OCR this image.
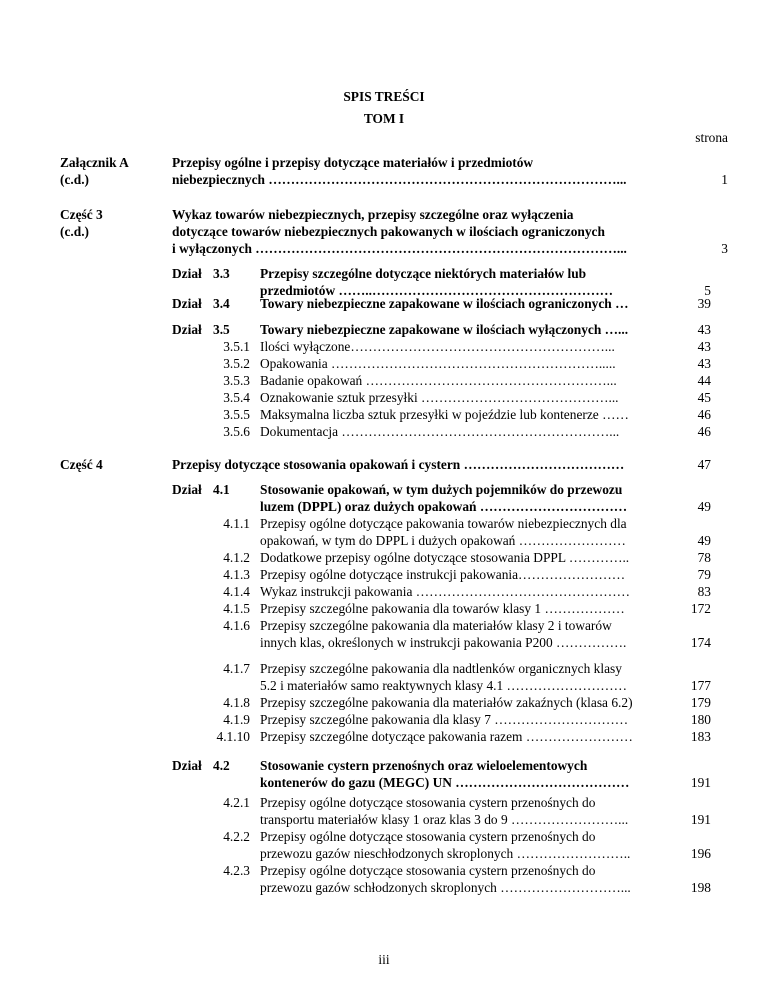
SPIS TREŚCI
TOM I
strona
Załącznik A
(c.d.)
Przepisy ogólne i przepisy dotyczące materiałów i przedmiotów
niebezpiecznych ……………………………………………………………………...	1
Część 3
(c.d.)
Wykaz towarów niebezpiecznych, przepisy szczególne oraz wyłączenia
dotyczące towarów niebezpiecznych pakowanych w ilościach ograniczonych
i wyłączonych ………………………………………………………………………...	3
Dział 3.3 Przepisy szczególne dotyczące niektórych materiałów lub
przedmiotów ……..………………………………………………	5
Dział 3.4 Towary niebezpieczne zapakowane w ilościach ograniczonych …	39
Dział 3.5 Towary niebezpieczne zapakowane w ilościach wyłączonych …...	43
3.5.1 Ilości wyłączone…………………………………………………...	43
3.5.2 Opakowania …………………………………………………….....	43
3.5.3 Badanie opakowań ………………………………………………...	44
3.5.4 Oznakowanie sztuk przesyłki ……………………………………...	45
3.5.5 Maksymalna liczba sztuk przesyłki w pojeździe lub kontenerze ……	46
3.5.6 Dokumentacja ……………………………………………………...	46
Część 4	Przepisy dotyczące stosowania opakowań i cystern ………………………………	47
Dział 4.1 Stosowanie opakowań, w tym dużych pojemników do przewozu
luzem (DPPL) oraz dużych opakowań ……………………………	49
4.1.1 Przepisy ogólne dotyczące pakowania towarów niebezpiecznych dla
opakowań, w tym do DPPL i dużych opakowań ……………………	49
4.1.2 Dodatkowe przepisy ogólne dotyczące stosowania DPPL …………..	78
4.1.3 Przepisy ogólne dotyczące instrukcji pakowania……………………	79
4.1.4 Wykaz instrukcji pakowania …………………………………………	83
4.1.5 Przepisy szczególne pakowania dla towarów klasy 1 ………………	172
4.1.6 Przepisy szczególne pakowania dla materiałów klasy 2 i towarów
innych klas, określonych w instrukcji pakowania P200 …………….	174
4.1.7 Przepisy szczególne pakowania dla nadtlenków organicznych klasy
5.2 i materiałów samo reaktywnych klasy 4.1 ………………………	177
4.1.8 Przepisy szczególne pakowania dla materiałów zakaźnych (klasa 6.2)	179
4.1.9 Przepisy szczególne pakowania dla klasy 7 …………………………	180
4.1.10 Przepisy szczególne dotyczące pakowania razem ……………………	183
Dział 4.2 Stosowanie cystern przenośnych oraz wieloelementowych
kontenerów do gazu (MEGC) UN …………………………………	191
4.2.1 Przepisy ogólne dotyczące stosowania cystern przenośnych do
transportu materiałów klasy 1 oraz klas 3 do 9 ……………………...	191
4.2.2 Przepisy ogólne dotyczące stosowania cystern przenośnych do
przewozu gazów nieschłodzonych skroplonych ……………………..	196
4.2.3 Przepisy ogólne dotyczące stosowania cystern przenośnych do
przewozu gazów schłodzonych skroplonych ………………………...	198
iii
